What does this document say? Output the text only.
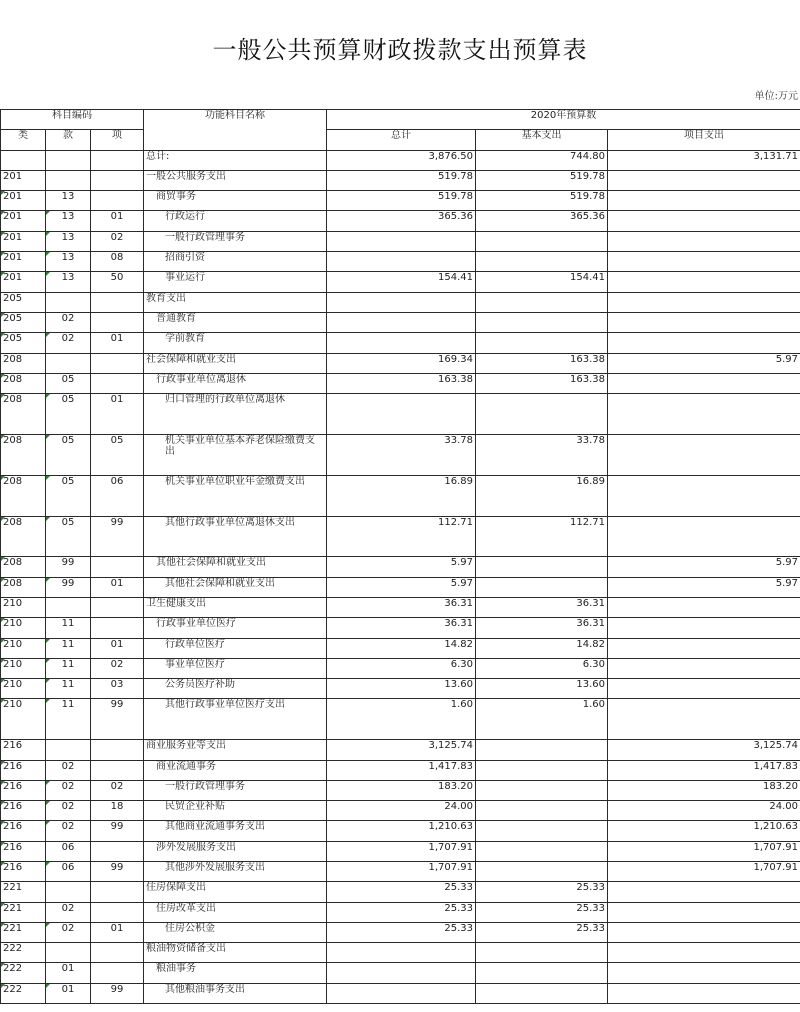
一般公共预算财政拨款支出预算表
单位:万元
科目编码			功能科目名称	2020年预算数		
类	款	项		总计	基本支出	项目支出
			总计:	3,876.50	744.80	3,131.71
201			一般公共服务支出	519.78	519.78	
201	13		商贸事务	519.78	519.78	
201	13	01	行政运行	365.36	365.36	
201	13	02	一般行政管理事务			
201	13	08	招商引资			
201	13	50	事业运行	154.41	154.41	
205			教育支出			
205	02		普通教育			
205	02	01	学前教育			
208			社会保障和就业支出	169.34	163.38	5.97
208	05		行政事业单位离退休	163.38	163.38	
208	05	01	归口管理的行政单位离退休			
208	05	05	机关事业单位基本养老保险缴费支出	33.78	33.78	
208	05	06	机关事业单位职业年金缴费支出	16.89	16.89	
208	05	99	其他行政事业单位离退休支出	112.71	112.71	
208	99		其他社会保障和就业支出	5.97		5.97
208	99	01	其他社会保障和就业支出	5.97		5.97
210			卫生健康支出	36.31	36.31	
210	11		行政事业单位医疗	36.31	36.31	
210	11	01	行政单位医疗	14.82	14.82	
210	11	02	事业单位医疗	6.30	6.30	
210	11	03	公务员医疗补助	13.60	13.60	
210	11	99	其他行政事业单位医疗支出	1.60	1.60	
216			商业服务业等支出	3,125.74		3,125.74
216	02		商业流通事务	1,417.83		1,417.83
216	02	02	一般行政管理事务	183.20		183.20
216	02	18	民贸企业补贴	24.00		24.00
216	02	99	其他商业流通事务支出	1,210.63		1,210.63
216	06		涉外发展服务支出	1,707.91		1,707.91
216	06	99	其他涉外发展服务支出	1,707.91		1,707.91
221			住房保障支出	25.33	25.33	
221	02		住房改革支出	25.33	25.33	
221	02	01	住房公积金	25.33	25.33	
222			粮油物资储备支出			
222	01		粮油事务			
222	01	99	其他粮油事务支出			
